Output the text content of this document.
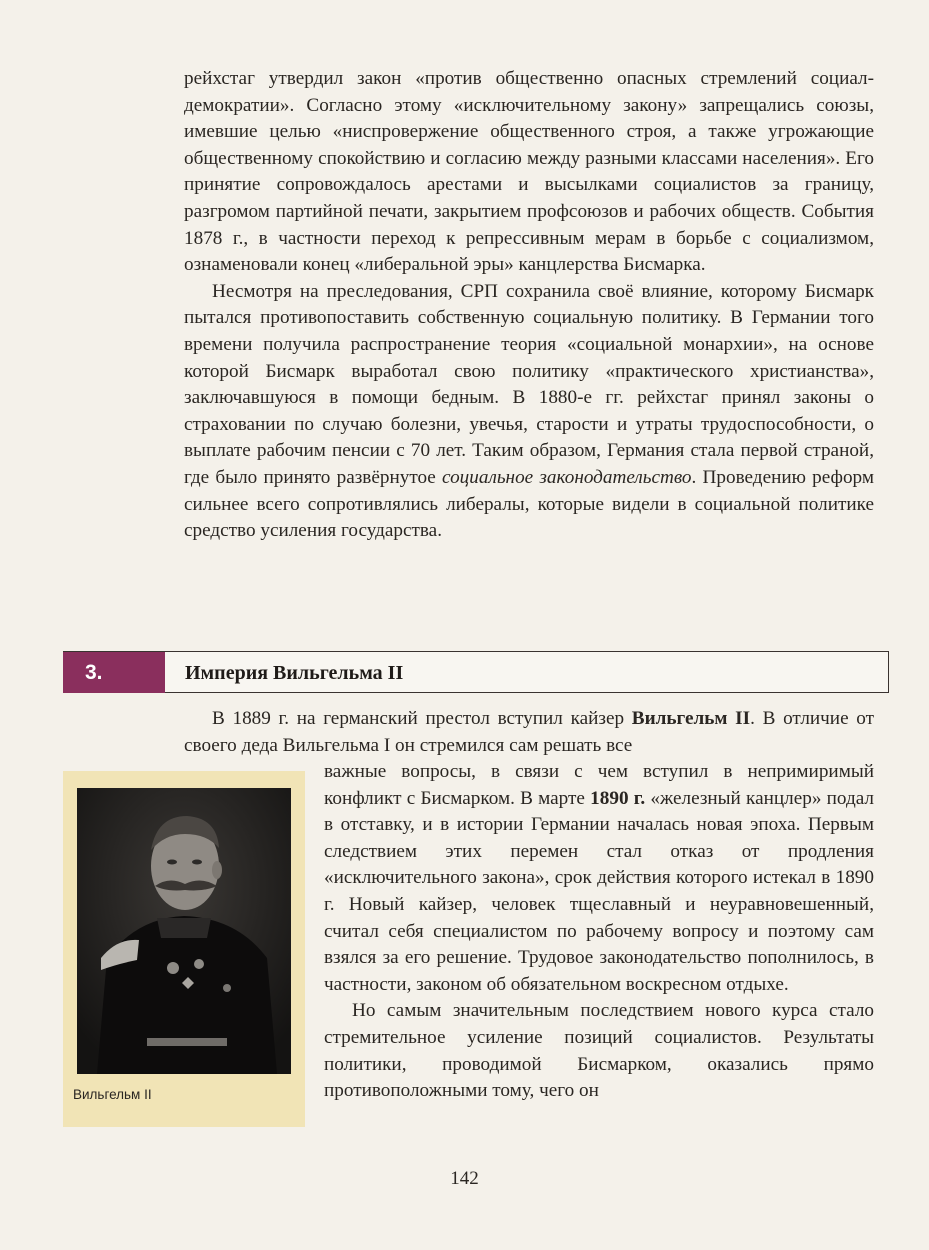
рейхстаг утвердил закон «против общественно опасных стремлений социал-демократии». Согласно этому «исключительному закону» запрещались союзы, имевшие целью «ниспровержение общественного строя, а также угрожающие общественному спокойствию и согласию между разными классами населения». Его принятие сопровождалось арестами и высылками социалистов за границу, разгромом партийной печати, закрытием профсоюзов и рабочих обществ. События 1878 г., в частности переход к репрессивным мерам в борьбе с социализмом, ознаменовали конец «либеральной эры» канцлерства Бисмарка.

Несмотря на преследования, СРП сохранила своё влияние, которому Бисмарк пытался противопоставить собственную социальную политику. В Германии того времени получила распространение теория «социальной монархии», на основе которой Бисмарк выработал свою политику «практического христианства», заключавшуюся в помощи бедным. В 1880-е гг. рейхстаг принял законы о страховании по случаю болезни, увечья, старости и утраты трудоспособности, о выплате рабочим пенсии с 70 лет. Таким образом, Германия стала первой страной, где было принято развёрнутое социальное законодательство. Проведению реформ сильнее всего сопротивлялись либералы, которые видели в социальной политике средство усиления государства.

3.	Империя Вильгельма II

В 1889 г. на германский престол вступил кайзер Вильгельм II. В отличие от своего деда Вильгельма I он стремился сам решать все

важные вопросы, в связи с чем вступил в непримиримый конфликт с Бисмарком. В марте 1890 г. «железный канцлер» подал в отставку, и в истории Германии началась новая эпоха. Первым следствием этих перемен стал отказ от продления «исключительного закона», срок действия которого истекал в 1890 г. Новый кайзер, человек тщеславный и неуравновешенный, считал себя специалистом по рабочему вопросу и поэтому сам взялся за его решение. Трудовое законодательство пополнилось, в частности, законом об обязательном воскресном отдыхе.

Но самым значительным последствием нового курса стало стремительное усиление позиций социалистов. Результаты политики, проводимой Бисмарком, оказались прямо противоположными тому, чего он

Вильгельм II
142
